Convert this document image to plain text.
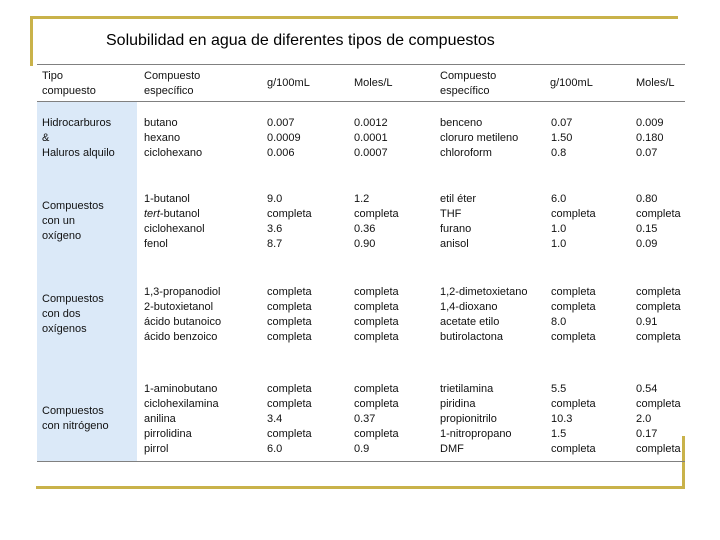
Solubilidad en agua de diferentes tipos de compuestos
Tipo
compuesto
Compuesto
específico
g/100mL	Moles/L
Compuesto
específico
g/100mL	Moles/L
Hidrocarburos
&
Haluros alquilo
butano
hexano
ciclohexano
0.007
0.0009
0.006
0.0012
0.0001
0.0007
benceno
cloruro metileno
chloroform
0.07
1.50
0.8
0.009
0.180
0.07
Compuestos
con un
oxígeno
1-butanol
tert-butanol
ciclohexanol
fenol
9.0
completa
3.6
8.7
1.2
completa
0.36
0.90
etil éter
THF
furano
anisol
6.0
completa
1.0
1.0
0.80
completa
0.15
0.09
Compuestos
con dos
oxígenos
1,3-propanodiol
2-butoxietanol
ácido butanoico
ácido benzoico
completa
completa
completa
completa
completa
completa
completa
completa
1,2-dimetoxietano
1,4-dioxano
acetate etilo
butirolactona
completa
completa
8.0
completa
completa
completa
0.91
completa
Compuestos
con nitrógeno
1-aminobutano
ciclohexilamina
anilina
pirrolidina
pirrol
completa
completa
3.4
completa
6.0
completa
completa
0.37
completa
0.9
trietilamina
piridina
propionitrilo
1-nitropropano
DMF
5.5
completa
10.3
1.5
completa
0.54
completa
2.0
0.17
completa
